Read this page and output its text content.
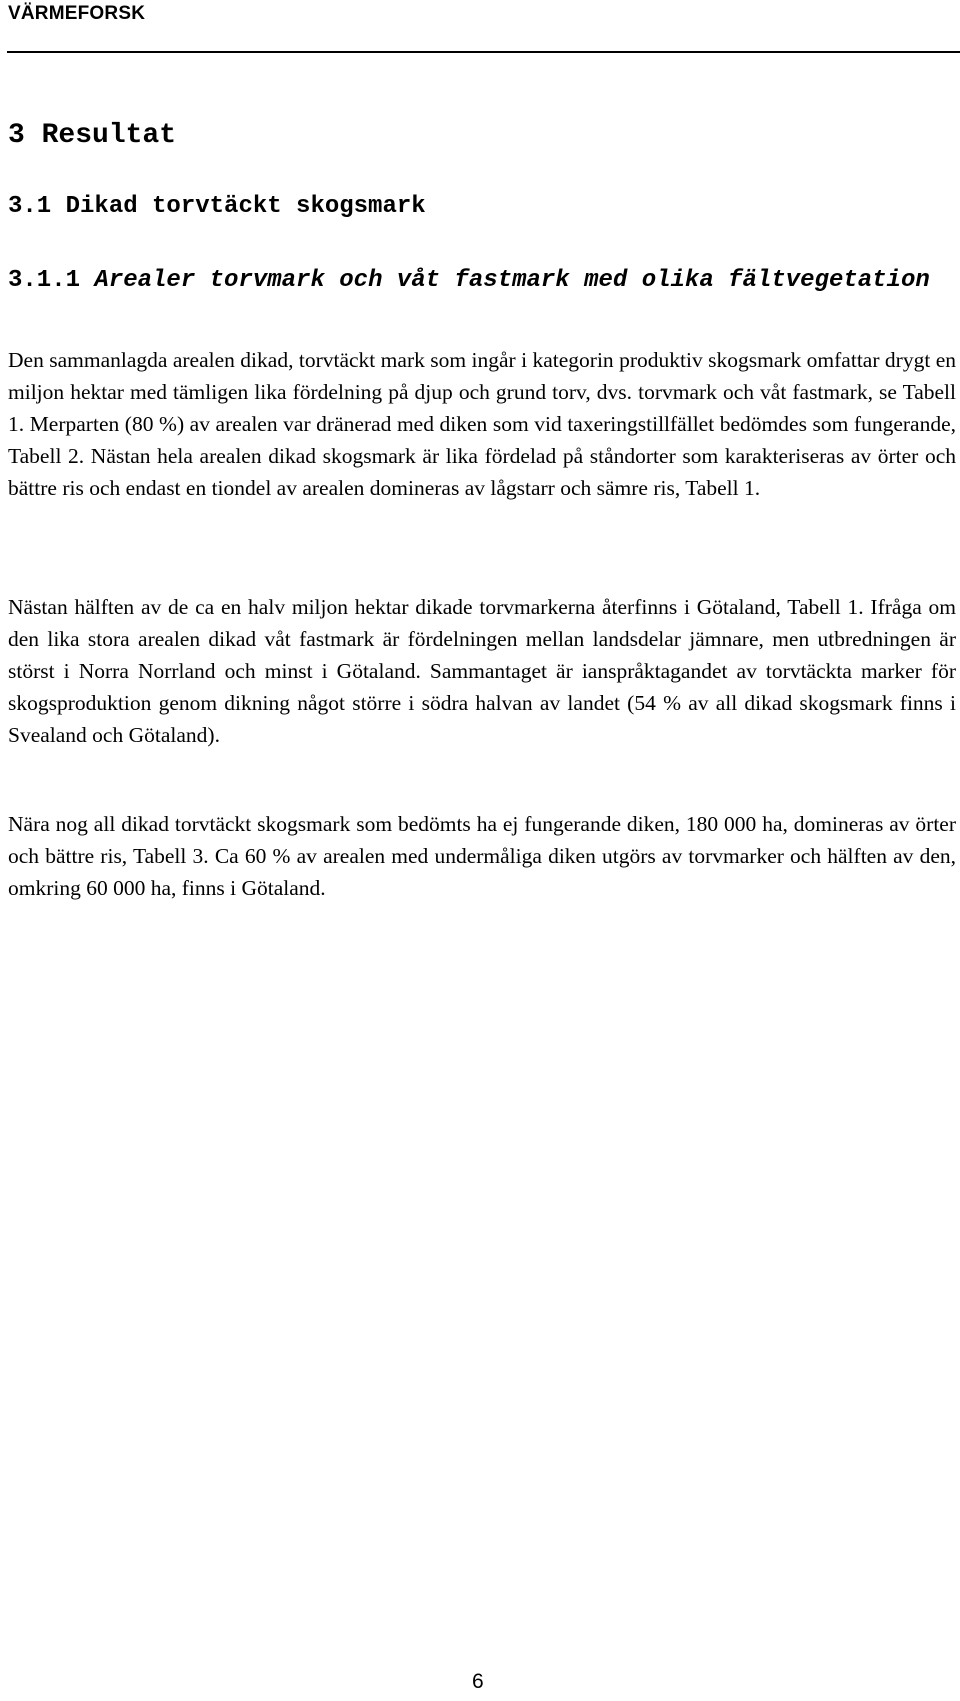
VÄRMEFORSK
3 Resultat
3.1 Dikad torvtäckt skogsmark
3.1.1 Arealer torvmark och våt fastmark med olika fältvegetation

Den sammanlagda arealen dikad, torvtäckt mark som ingår i kategorin produktiv skogsmark omfattar drygt en miljon hektar med tämligen lika fördelning på djup och grund torv, dvs. torvmark och våt fastmark, se Tabell 1. Merparten (80 %) av arealen var dränerad med diken som vid taxeringstillfället bedömdes som fungerande, Tabell 2. Nästan hela arealen dikad skogsmark är lika fördelad på ståndorter som karakteriseras av örter och bättre ris och endast en tiondel av arealen domineras av lågstarr och sämre ris, Tabell 1.

Nästan hälften av de ca en halv miljon hektar dikade torvmarkerna återfinns i Götaland, Tabell 1. Ifråga om den lika stora arealen dikad våt fastmark är fördelningen mellan landsdelar jämnare, men utbredningen är störst i Norra Norrland och minst i Götaland. Sammantaget är ianspråktagandet av torvtäckta marker för skogsproduktion genom dikning något större i södra halvan av landet (54 % av all dikad skogsmark finns i Svealand och Götaland).

Nära nog all dikad torvtäckt skogsmark som bedömts ha ej fungerande diken, 180 000 ha, domineras av örter och bättre ris, Tabell 3. Ca 60 % av arealen med undermåliga diken utgörs av torvmarker och hälften av den, omkring 60 000 ha, finns i Götaland.

6
